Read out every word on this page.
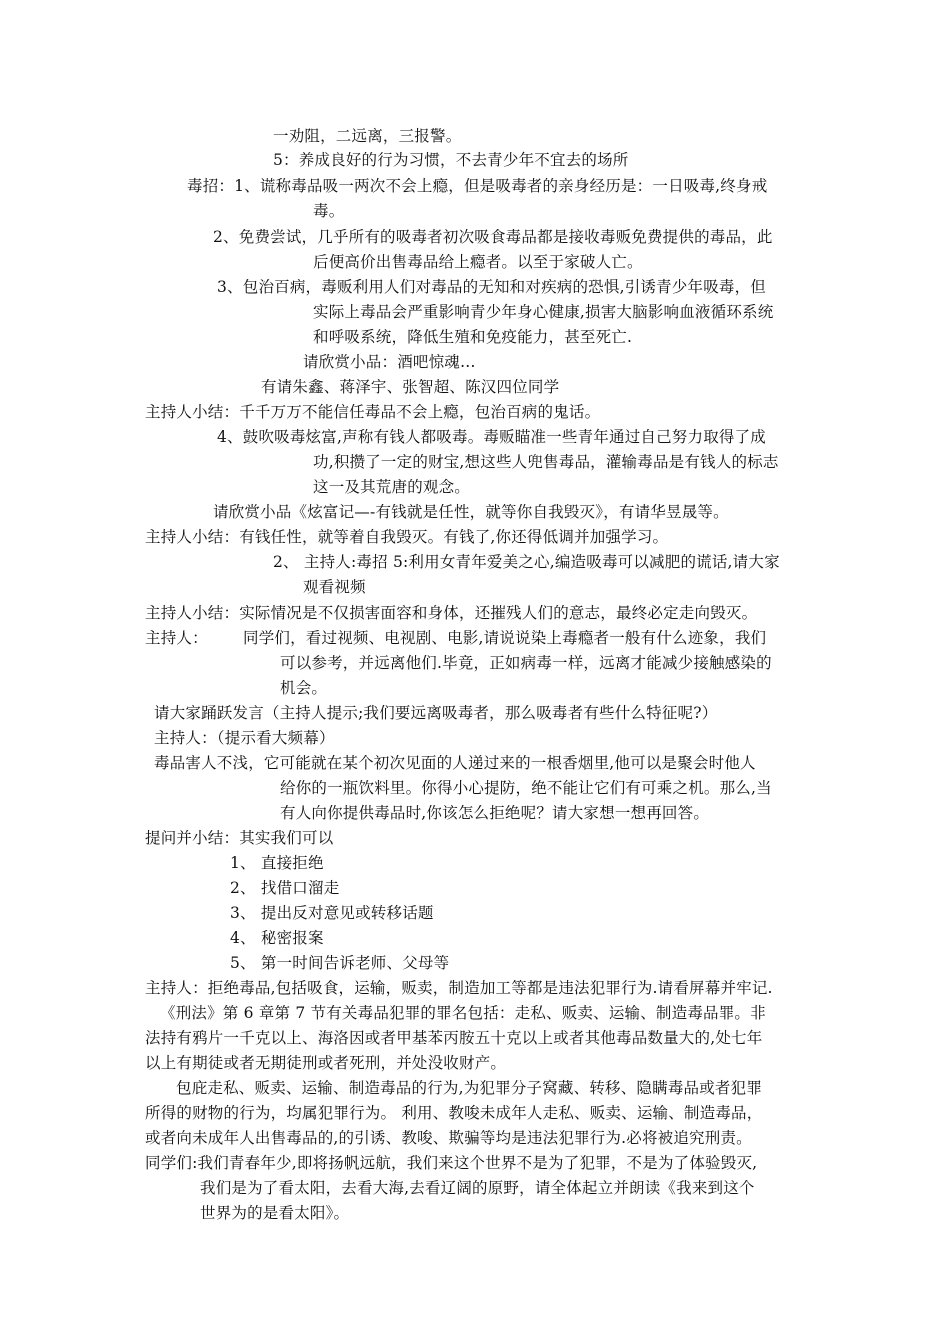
一劝阻，二远离，三报警。
5：养成良好的行为习惯，不去青少年不宜去的场所
毒招：1、谎称毒品吸一两次不会上瘾，但是吸毒者的亲身经历是：一日吸毒,终身戒
毒。
2、免费尝试，几乎所有的吸毒者初次吸食毒品都是接收毒贩免费提供的毒品，此
后便高价出售毒品给上瘾者。以至于家破人亡。
3、包治百病，毒贩利用人们对毒品的无知和对疾病的恐惧,引诱青少年吸毒，但
实际上毒品会严重影响青少年身心健康,损害大脑影响血液循环系统
和呼吸系统，降低生殖和免疫能力，甚至死亡.
请欣赏小品：酒吧惊魂…
有请朱鑫、蒋泽宇、张智超、陈汉四位同学
主持人小结：千千万万不能信任毒品不会上瘾，包治百病的鬼话。
4、鼓吹吸毒炫富,声称有钱人都吸毒。毒贩瞄准一些青年通过自己努力取得了成
功,积攒了一定的财宝,想这些人兜售毒品，灌输毒品是有钱人的标志
这一及其荒唐的观念。
请欣赏小品《炫富记—-有钱就是任性，就等你自我毁灭》，有请华昱晟等。
主持人小结：有钱任性，就等着自我毁灭。有钱了,你还得低调并加强学习。
2、 主持人:毒招 5:利用女青年爱美之心,编造吸毒可以减肥的谎话,请大家
观看视频
主持人小结：实际情况是不仅损害面容和身体，还摧残人们的意志，最终必定走向毁灭。
主持人： 同学们，看过视频、电视剧、电影,请说说染上毒瘾者一般有什么迹象，我们
可以参考，并远离他们.毕竟，正如病毒一样，远离才能减少接触感染的
机会。
请大家踊跃发言（主持人提示;我们要远离吸毒者，那么吸毒者有些什么特征呢?）
主持人：（提示看大频幕）
毒品害人不浅，它可能就在某个初次见面的人递过来的一根香烟里,他可以是聚会时他人
给你的一瓶饮料里。你得小心提防，绝不能让它们有可乘之机。那么,当
有人向你提供毒品时,你该怎么拒绝呢？请大家想一想再回答。
提问并小结：其实我们可以
1、 直接拒绝
2、 找借口溜走
3、 提出反对意见或转移话题
4、 秘密报案
5、 第一时间告诉老师、父母等
主持人：拒绝毒品,包括吸食，运输，贩卖，制造加工等都是违法犯罪行为.请看屏幕并牢记.
《刑法》第 6 章第 7 节有关毒品犯罪的罪名包括：走私、贩卖、运输、制造毒品罪。非
法持有鸦片一千克以上、海洛因或者甲基苯丙胺五十克以上或者其他毒品数量大的,处七年
以上有期徒或者无期徒刑或者死刑，并处没收财产。
包庇走私、贩卖、运输、制造毒品的行为,为犯罪分子窝藏、转移、隐瞒毒品或者犯罪
所得的财物的行为，均属犯罪行为。 利用、教唆未成年人走私、贩卖、运输、制造毒品，
或者向未成年人出售毒品的,的引诱、教唆、欺骗等均是违法犯罪行为.必将被追究刑责。
同学们:我们青春年少,即将扬帆远航，我们来这个世界不是为了犯罪，不是为了体验毁灭,
我们是为了看太阳，去看大海,去看辽阔的原野，请全体起立并朗读《我来到这个
世界为的是看太阳》。
